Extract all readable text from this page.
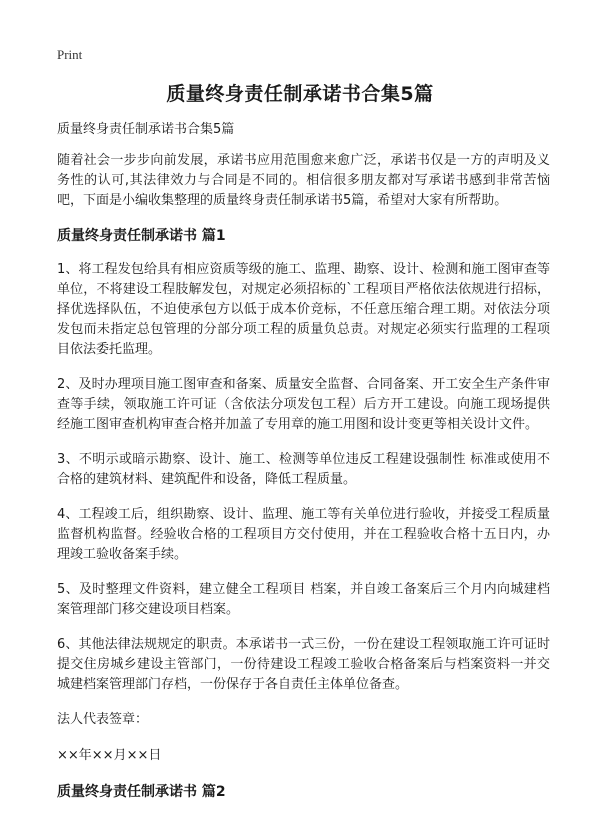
Print
质量终身责任制承诺书合集5篇
质量终身责任制承诺书合集5篇

随着社会一步步向前发展，承诺书应用范围愈来愈广泛，承诺书仅是一方的声明及义务性的认可,其法律效力与合同是不同的。相信很多朋友都对写承诺书感到非常苦恼吧，下面是小编收集整理的质量终身责任制承诺书5篇，希望对大家有所帮助。

质量终身责任制承诺书 篇1

1、将工程发包给具有相应资质等级的施工、监理、勘察、设计、检测和施工图审查等单位，不将建设工程肢解发包，对规定必须招标的`工程项目严格依法依规进行招标，择优选择队伍，不迫使承包方以低于成本价竞标，不任意压缩合理工期。对依法分项发包而未指定总包管理的分部分项工程的质量负总责。对规定必须实行监理的工程项目依法委托监理。

2、及时办理项目施工图审查和备案、质量安全监督、合同备案、开工安全生产条件审查等手续，领取施工许可证（含依法分项发包工程）后方开工建设。向施工现场提供经施工图审查机构审查合格并加盖了专用章的施工用图和设计变更等相关设计文件。

3、不明示或暗示勘察、设计、施工、检测等单位违反工程建设强制性 标准或使用不合格的建筑材料、建筑配件和设备，降低工程质量。

4、工程竣工后，组织勘察、设计、监理、施工等有关单位进行验收，并接受工程质量监督机构监督。经验收合格的工程项目方交付使用，并在工程验收合格十五日内，办理竣工验收备案手续。

5、及时整理文件资料，建立健全工程项目 档案，并自竣工备案后三个月内向城建档案管理部门移交建设项目档案。

6、其他法律法规规定的职责。本承诺书一式三份，一份在建设工程领取施工许可证时提交住房城乡建设主管部门，一份待建设工程竣工验收合格备案后与档案资料一并交城建档案管理部门存档，一份保存于各自责任主体单位备查。

法人代表签章：
××年××月××日
质量终身责任制承诺书 篇2
